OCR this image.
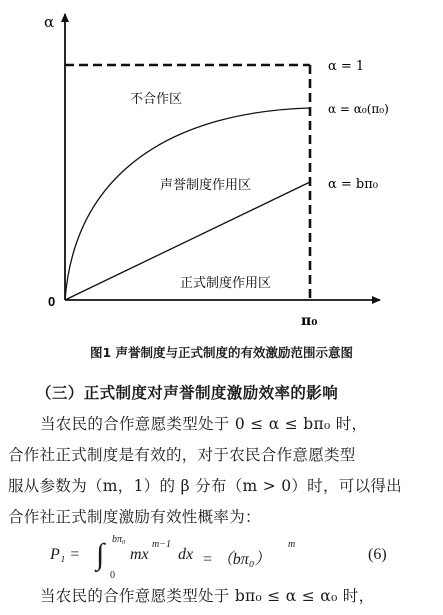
α
0
π₀
α = 1
α = α₀(π₀)
α = bπ₀
不合作区
声誉制度作用区
正式制度作用区
图1 声誉制度与正式制度的有效激励范围示意图
（三）正式制度对声誉制度激励效率的影响

当农民的合作意愿类型处于 0 ≤ α ≤ bπ₀ 时，

合作社正式制度是有效的，对于农民合作意愿类型

服从参数为（m，1）的 β 分布（m > 0）时，可以得出

合作社正式制度激励有效性概率为：

P₁ = ∫ bπ₀
0
mx
m−1
dx = （bπ₀）
m
(6)

当农民的合作意愿类型处于 bπ₀ ≤ α ≤ α₀ 时，
